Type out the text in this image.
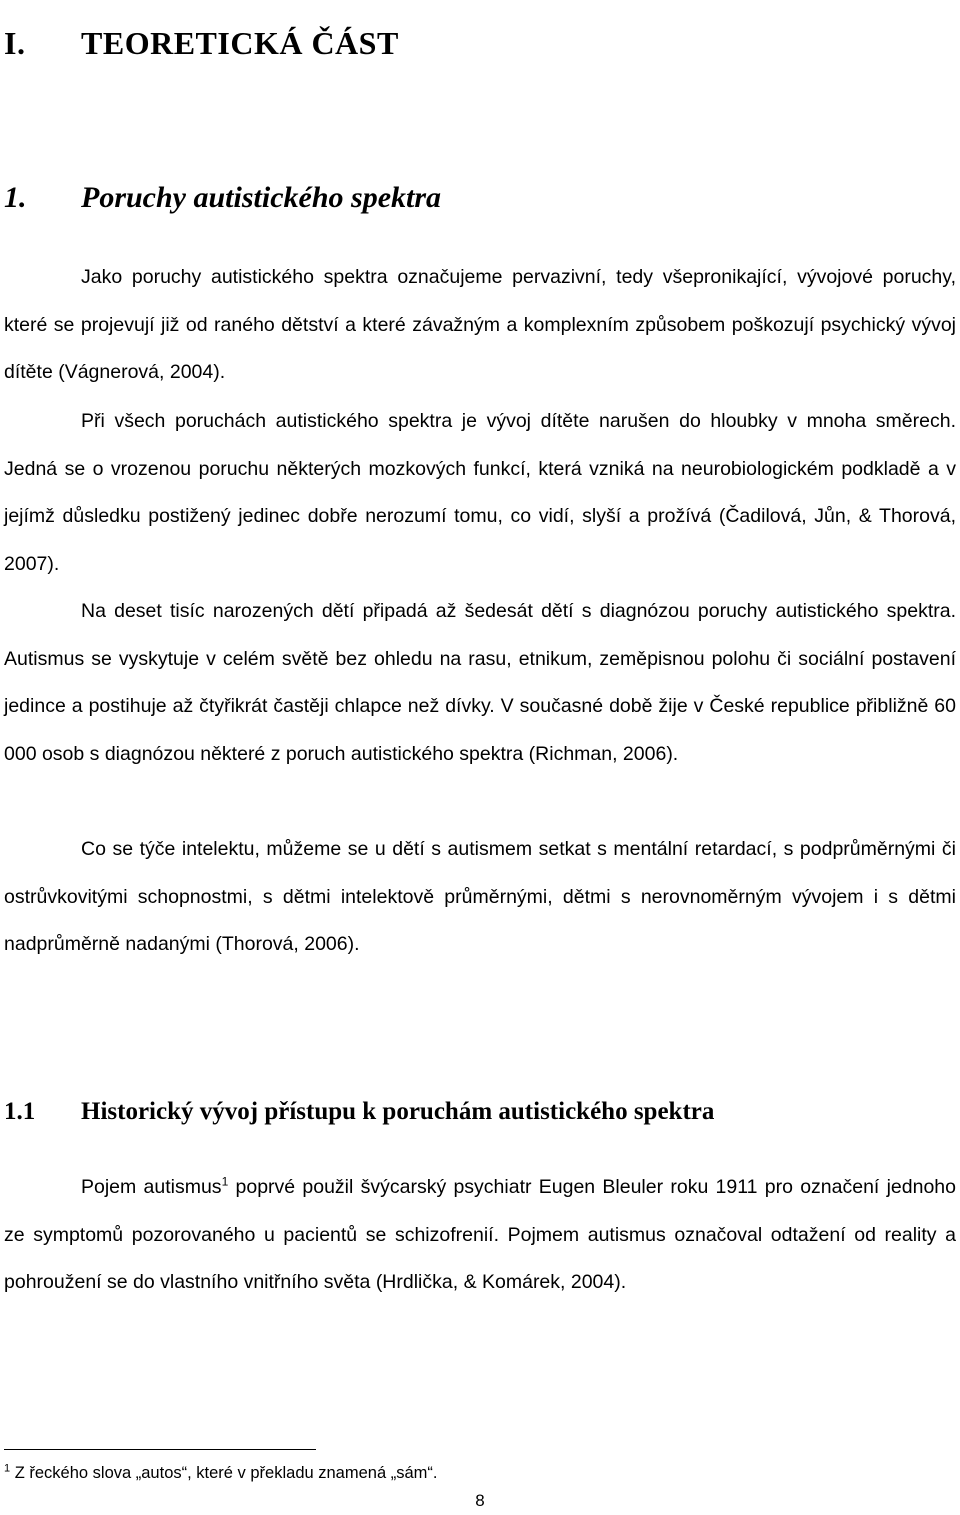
I. TEORETICKÁ ČÁST
1. Poruchy autistického spektra

Jako poruchy autistického spektra označujeme pervazivní, tedy všepronikající, vývojové poruchy, které se projevují již od raného dětství a které závažným a komplexním způsobem poškozují psychický vývoj dítěte (Vágnerová, 2004).

Při všech poruchách autistického spektra je vývoj dítěte narušen do hloubky v mnoha směrech. Jedná se o vrozenou poruchu některých mozkových funkcí, která vzniká na neurobiologickém podkladě a v jejímž důsledku postižený jedinec dobře nerozumí tomu, co vidí, slyší a prožívá (Čadilová, Jůn, & Thorová, 2007).

Na deset tisíc narozených dětí připadá až šedesát dětí s diagnózou poruchy autistického spektra. Autismus se vyskytuje v celém světě bez ohledu na rasu, etnikum, zeměpisnou polohu či sociální postavení jedince a postihuje až čtyřikrát častěji chlapce než dívky. V současné době žije v České republice přibližně 60 000 osob s diagnózou některé z poruch autistického spektra (Richman, 2006).

Co se týče intelektu, můžeme se u dětí s autismem setkat s mentální retardací, s podprůměrnými či ostrůvkovitými schopnostmi, s dětmi intelektově průměrnými, dětmi s nerovnoměrným vývojem i s dětmi nadprůměrně nadanými (Thorová, 2006).

1.1 Historický vývoj přístupu k poruchám autistického spektra

Pojem autismus$^1$ poprvé použil švýcarský psychiatr Eugen Bleuler roku 1911 pro označení jednoho ze symptomů pozorovaného u pacientů se schizofrenií. Pojmem autismus označoval odtažení od reality a pohroužení se do vlastního vnitřního světa (Hrdlička, & Komárek, 2004).

$^1$ Z řeckého slova „autos“, které v překladu znamená „sám“.
8
